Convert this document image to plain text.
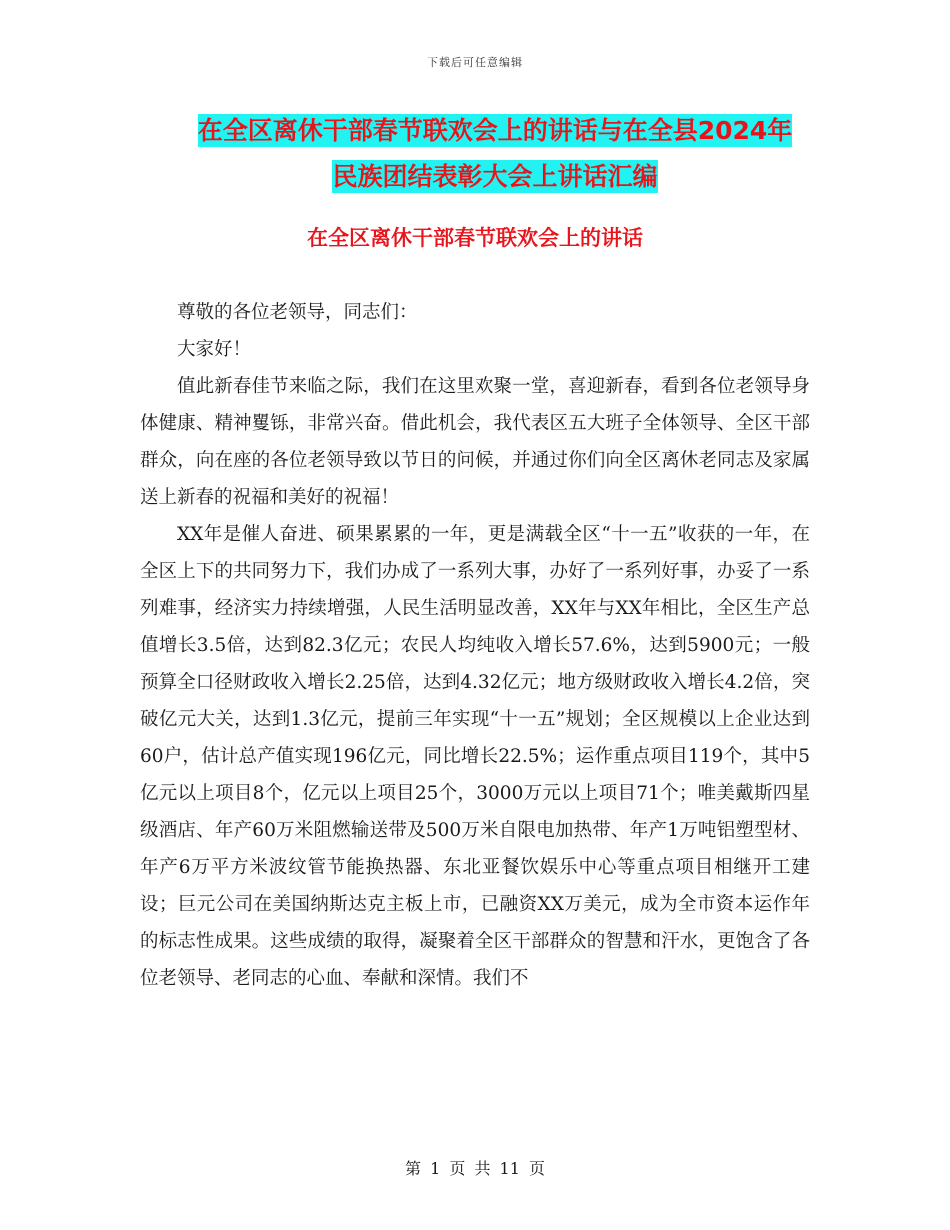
下载后可任意编辑
在全区离休干部春节联欢会上的讲话与在全县2024年
民族团结表彰大会上讲话汇编
在全区离休干部春节联欢会上的讲话

尊敬的各位老领导，同志们：

大家好！

值此新春佳节来临之际，我们在这里欢聚一堂，喜迎新春，看到各位老领导身体健康、精神矍铄，非常兴奋。借此机会，我代表区五大班子全体领导、全区干部群众，向在座的各位老领导致以节日的问候，并通过你们向全区离休老同志及家属送上新春的祝福和美好的祝福！

XX年是催人奋进、硕果累累的一年，更是满载全区“十一五”收获的一年，在全区上下的共同努力下，我们办成了一系列大事，办好了一系列好事，办妥了一系列难事，经济实力持续增强，人民生活明显改善，XX年与XX年相比，全区生产总值增长3.5倍，达到82.3亿元；农民人均纯收入增长57.6%，达到5900元；一般预算全口径财政收入增长2.25倍，达到4.32亿元；地方级财政收入增长4.2倍，突破亿元大关，达到1.3亿元，提前三年实现“十一五”规划；全区规模以上企业达到60户，估计总产值实现196亿元，同比增长22.5%；运作重点项目119个，其中5亿元以上项目8个，亿元以上项目25个，3000万元以上项目71个；唯美戴斯四星级酒店、年产60万米阻燃输送带及500万米自限电加热带、年产1万吨铝塑型材、年产6万平方米波纹管节能换热器、东北亚餐饮娱乐中心等重点项目相继开工建设；巨元公司在美国纳斯达克主板上市，已融资XX万美元，成为全市资本运作年的标志性成果。这些成绩的取得，凝聚着全区干部群众的智慧和汗水，更饱含了各位老领导、老同志的心血、奉献和深情。我们不

第 1 页 共 11 页
